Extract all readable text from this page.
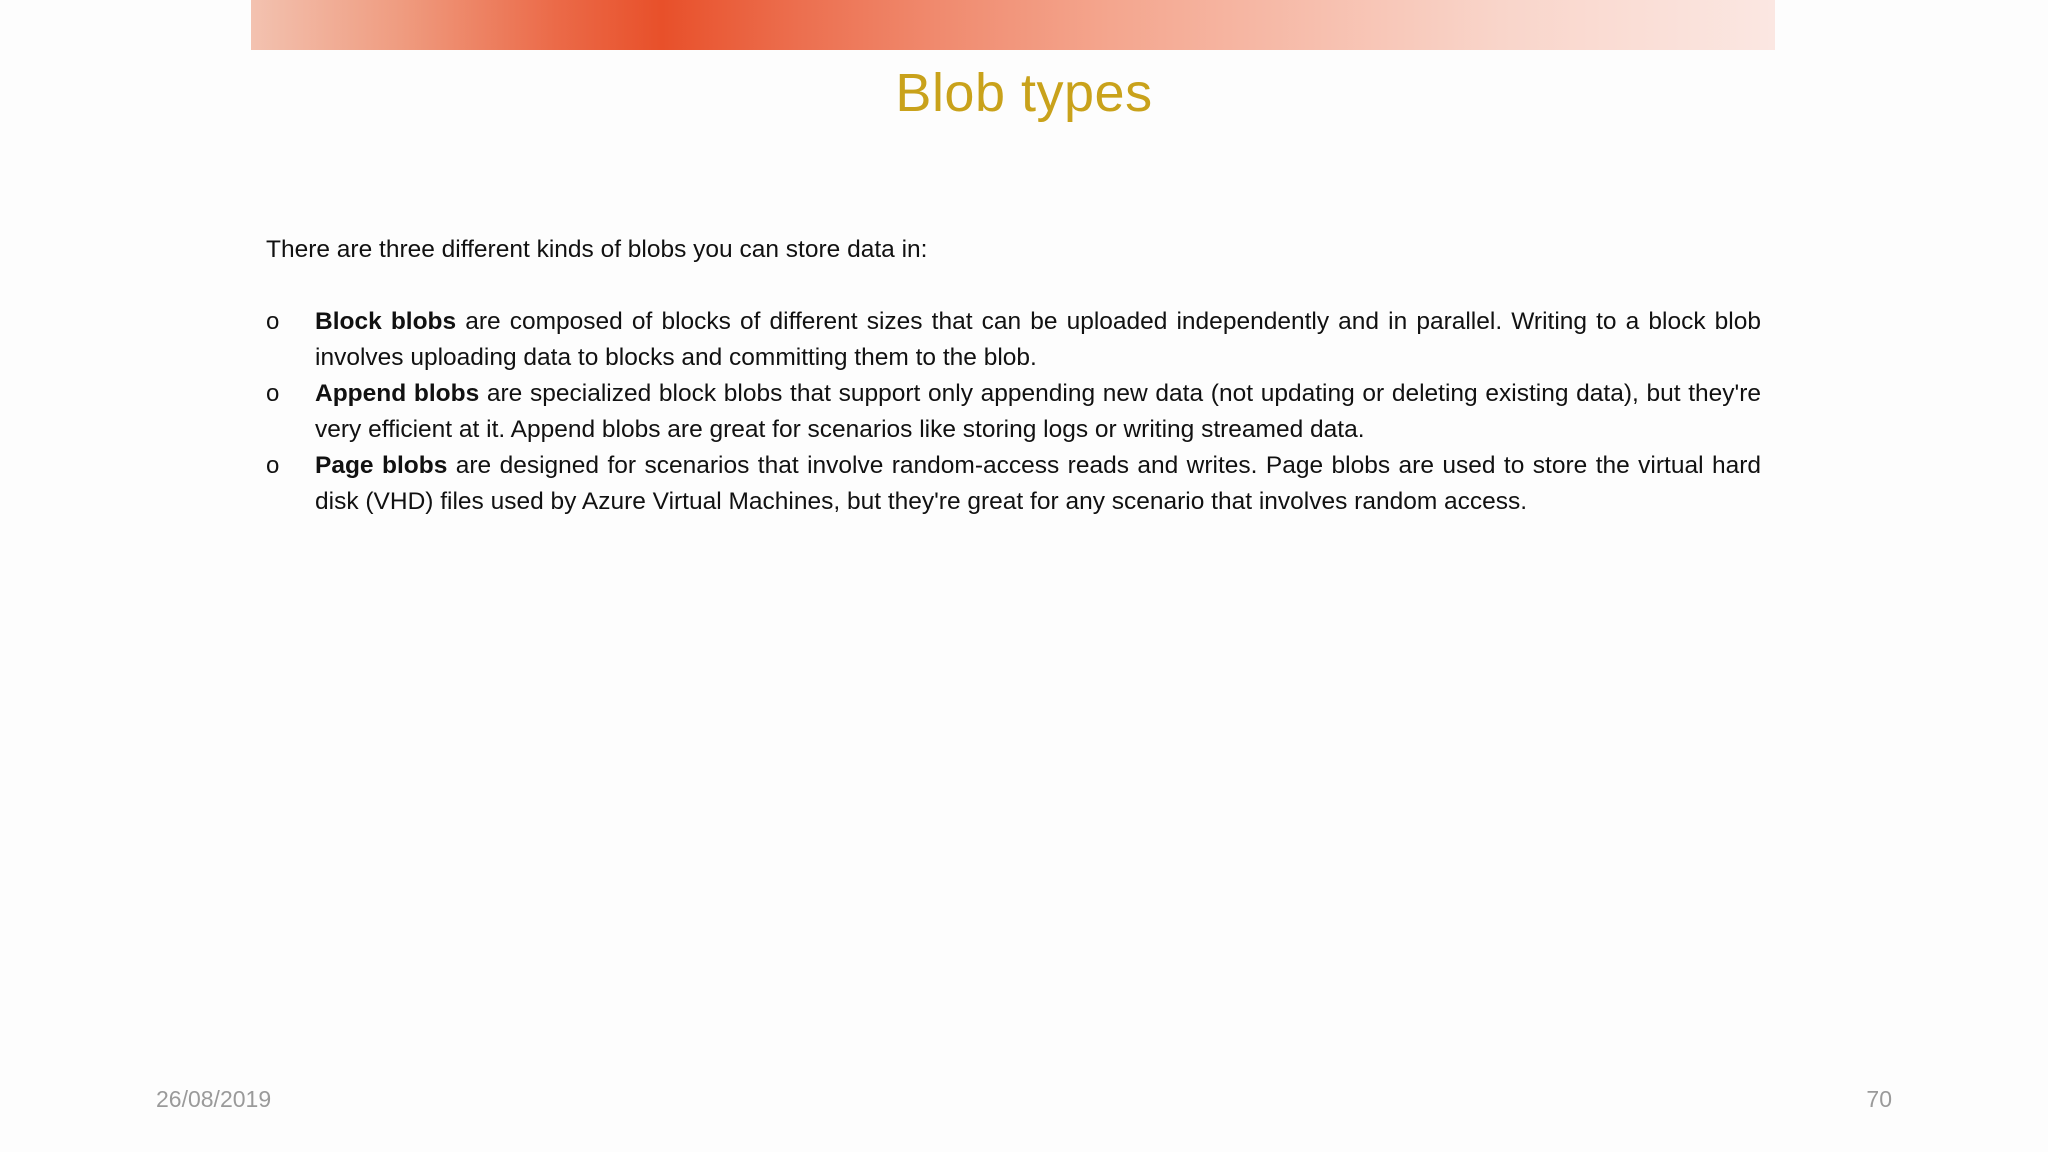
Blob types

There are three different kinds of blobs you can store data in:

o	Block blobs are composed of blocks of different sizes that can be uploaded independently and in parallel. Writing to a block blob involves uploading data to blocks and committing them to the blob.
o	Append blobs are specialized block blobs that support only appending new data (not updating or deleting existing data), but they're very efficient at it. Append blobs are great for scenarios like storing logs or writing streamed data.
o	Page blobs are designed for scenarios that involve random-access reads and writes. Page blobs are used to store the virtual hard disk (VHD) files used by Azure Virtual Machines, but they're great for any scenario that involves random access.
26/08/2019	70
